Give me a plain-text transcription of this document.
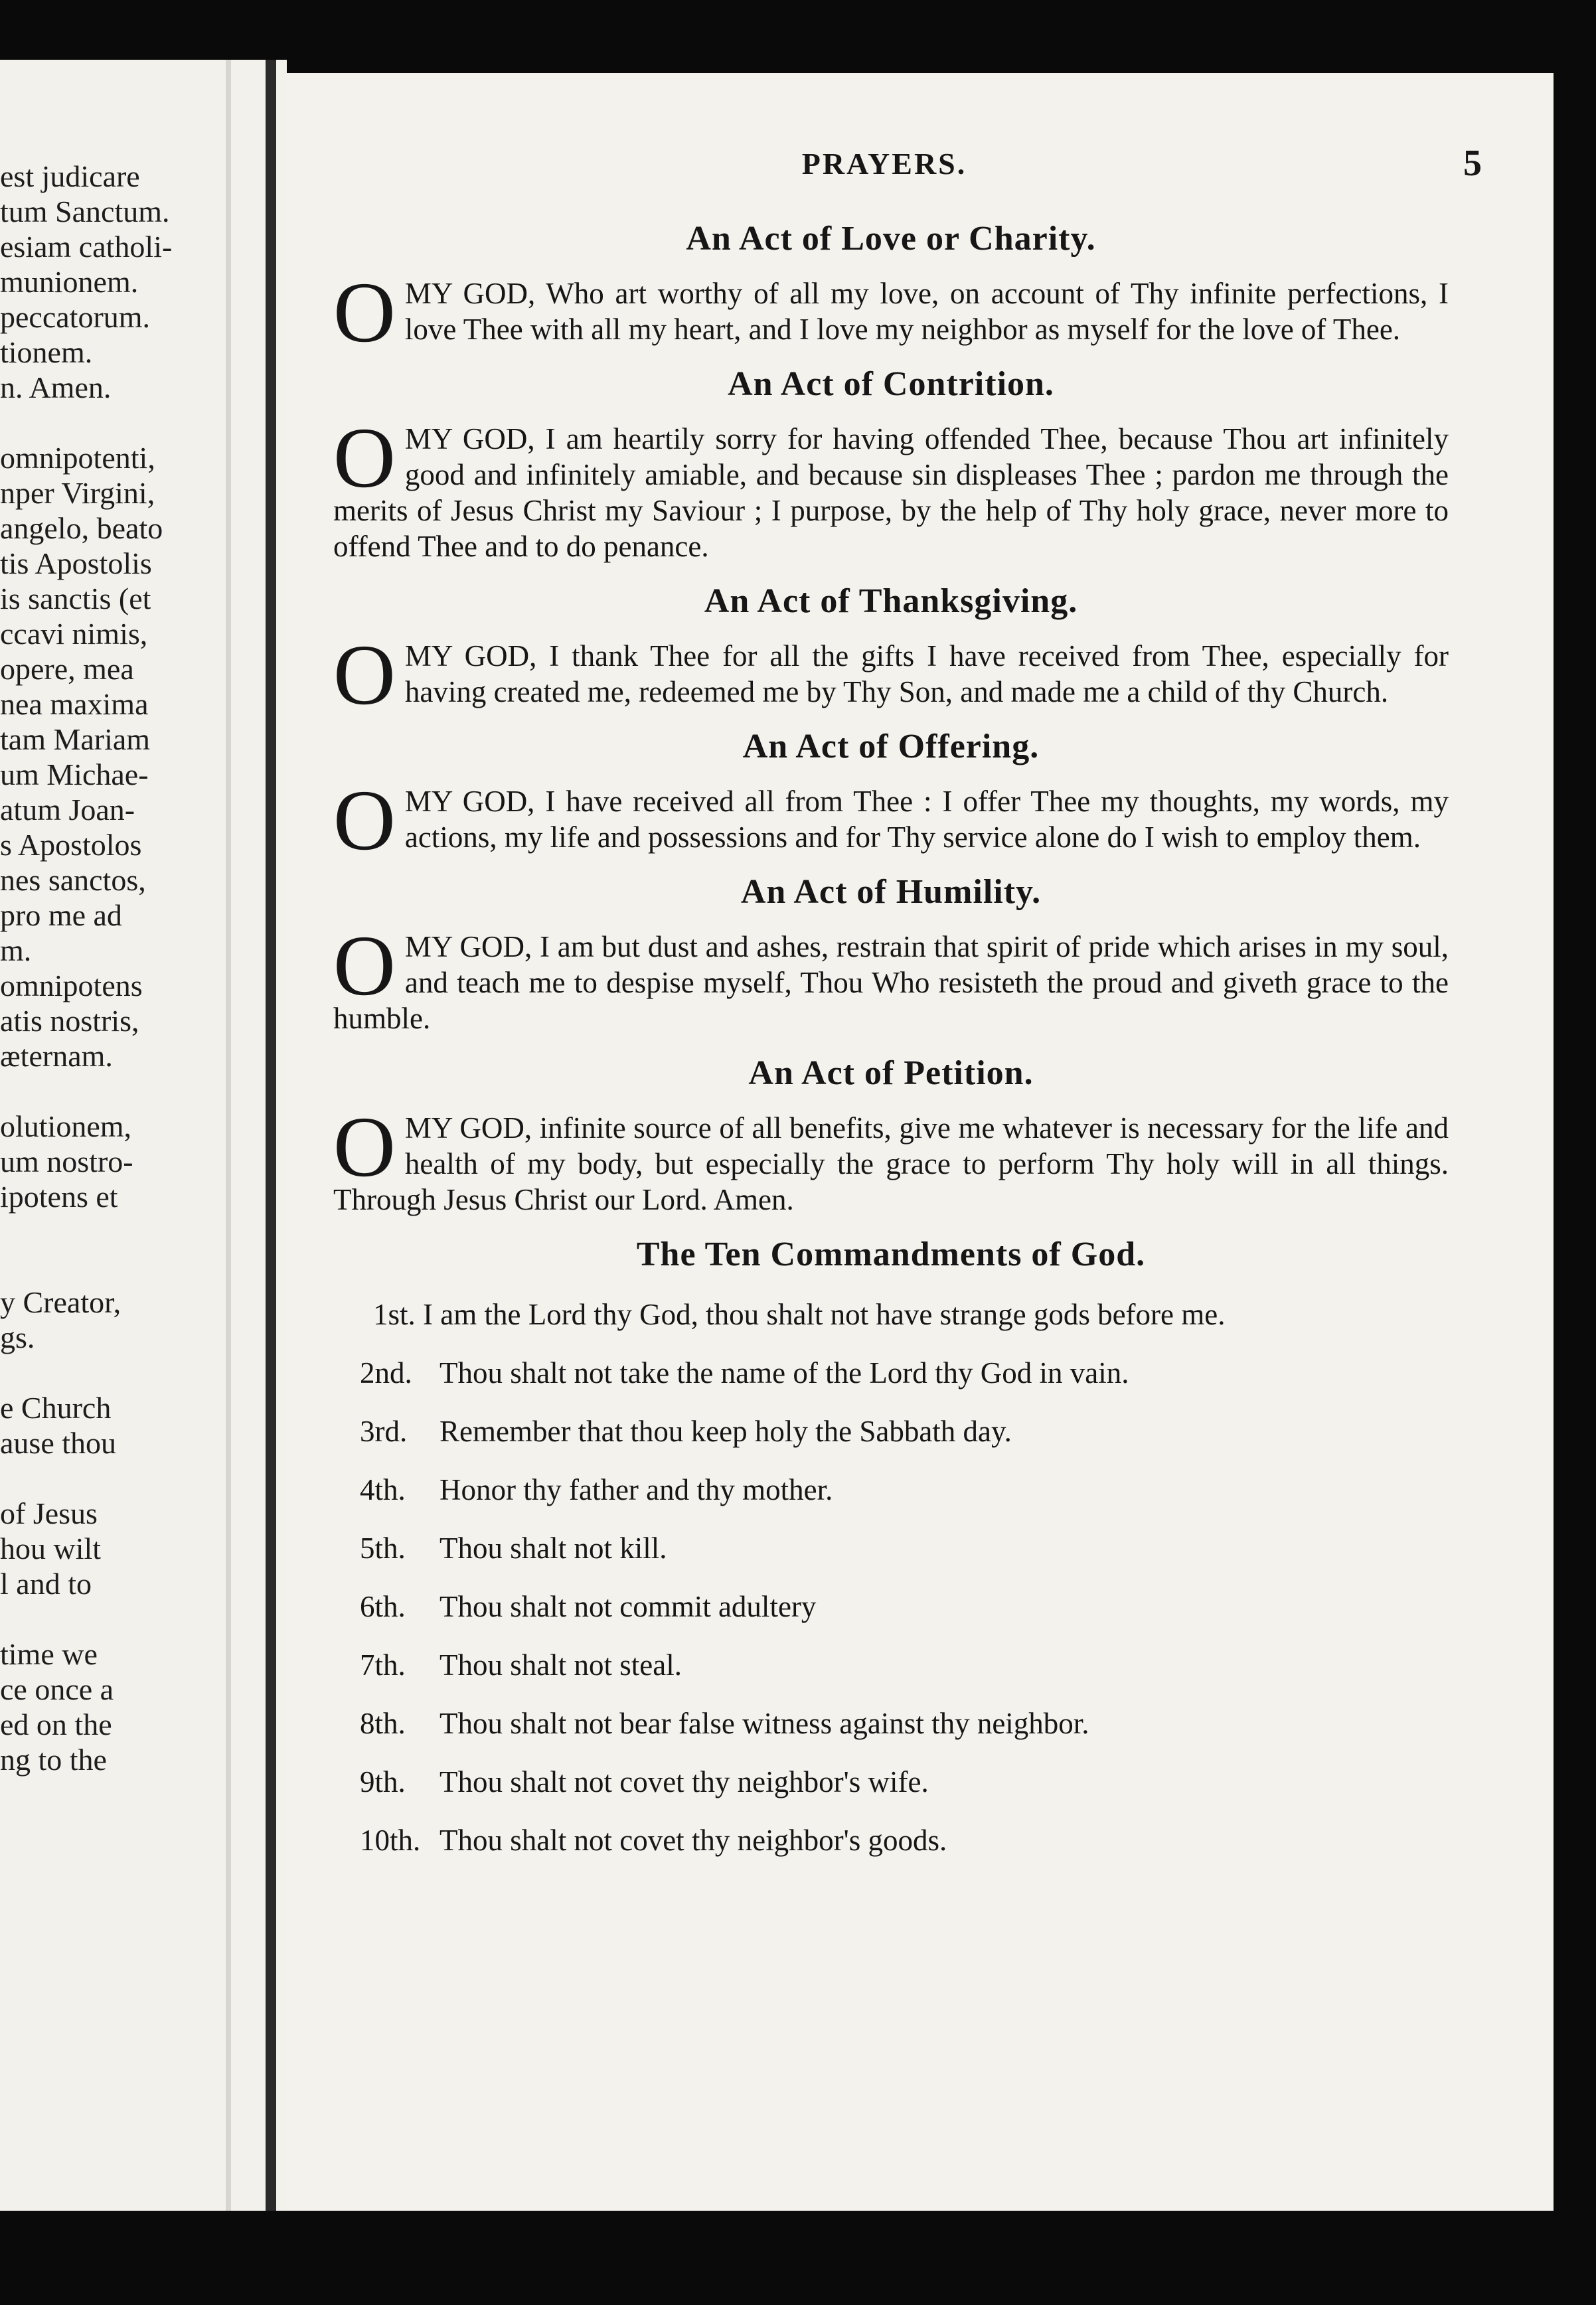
est judicare
tum Sanctum.
esiam catholi-
munionem.
peccatorum.
tionem.
n. Amen.
omnipotenti,
nper Virgini,
angelo, beato
tis Apostolis
is sanctis (et
ccavi nimis,
opere, mea
nea maxima
tam Mariam
um Michae-
atum Joan-
s Apostolos
nes sanctos,
pro me ad
m.
omnipotens
atis nostris,
æternam.
olutionem,
um nostro-
ipotens et
y Creator,
gs.
e Church
ause thou
of Jesus
hou wilt
l and to
time we
ce once a
ed on the
ng to the
PRAYERS.	5
An Act of Love or Charity.

OMY GOD, Who art worthy of all my love, on account of Thy infinite perfections, I love Thee with all my heart, and I love my neighbor as myself for the love of Thee.

An Act of Contrition.

OMY GOD, I am heartily sorry for having offended Thee, because Thou art infinitely good and infinitely amiable, and because sin displeases Thee ; pardon me through the merits of Jesus Christ my Saviour ; I purpose, by the help of Thy holy grace, never more to offend Thee and to do penance.

An Act of Thanksgiving.

OMY GOD, I thank Thee for all the gifts I have received from Thee, especially for having created me, redeemed me by Thy Son, and made me a child of thy Church.

An Act of Offering.

OMY GOD, I have received all from Thee : I offer Thee my thoughts, my words, my actions, my life and possessions and for Thy service alone do I wish to employ them.

An Act of Humility.

OMY GOD, I am but dust and ashes, restrain that spirit of pride which arises in my soul, and teach me to despise myself, Thou Who resisteth the proud and giveth grace to the humble.

An Act of Petition.

OMY GOD, infinite source of all benefits, give me whatever is necessary for the life and health of my body, but especially the grace to perform Thy holy will in all things. Through Jesus Christ our Lord. Amen.

The Ten Commandments of God.

1st. I am the Lord thy God, thou shalt not have strange gods before me.

2nd. Thou shalt not take the name of the Lord thy God in vain.

3rd. Remember that thou keep holy the Sabbath day.

4th. Honor thy father and thy mother.

5th. Thou shalt not kill.

6th. Thou shalt not commit adultery

7th. Thou shalt not steal.

8th. Thou shalt not bear false witness against thy neighbor.

9th. Thou shalt not covet thy neighbor's wife.

10th. Thou shalt not covet thy neighbor's goods.
